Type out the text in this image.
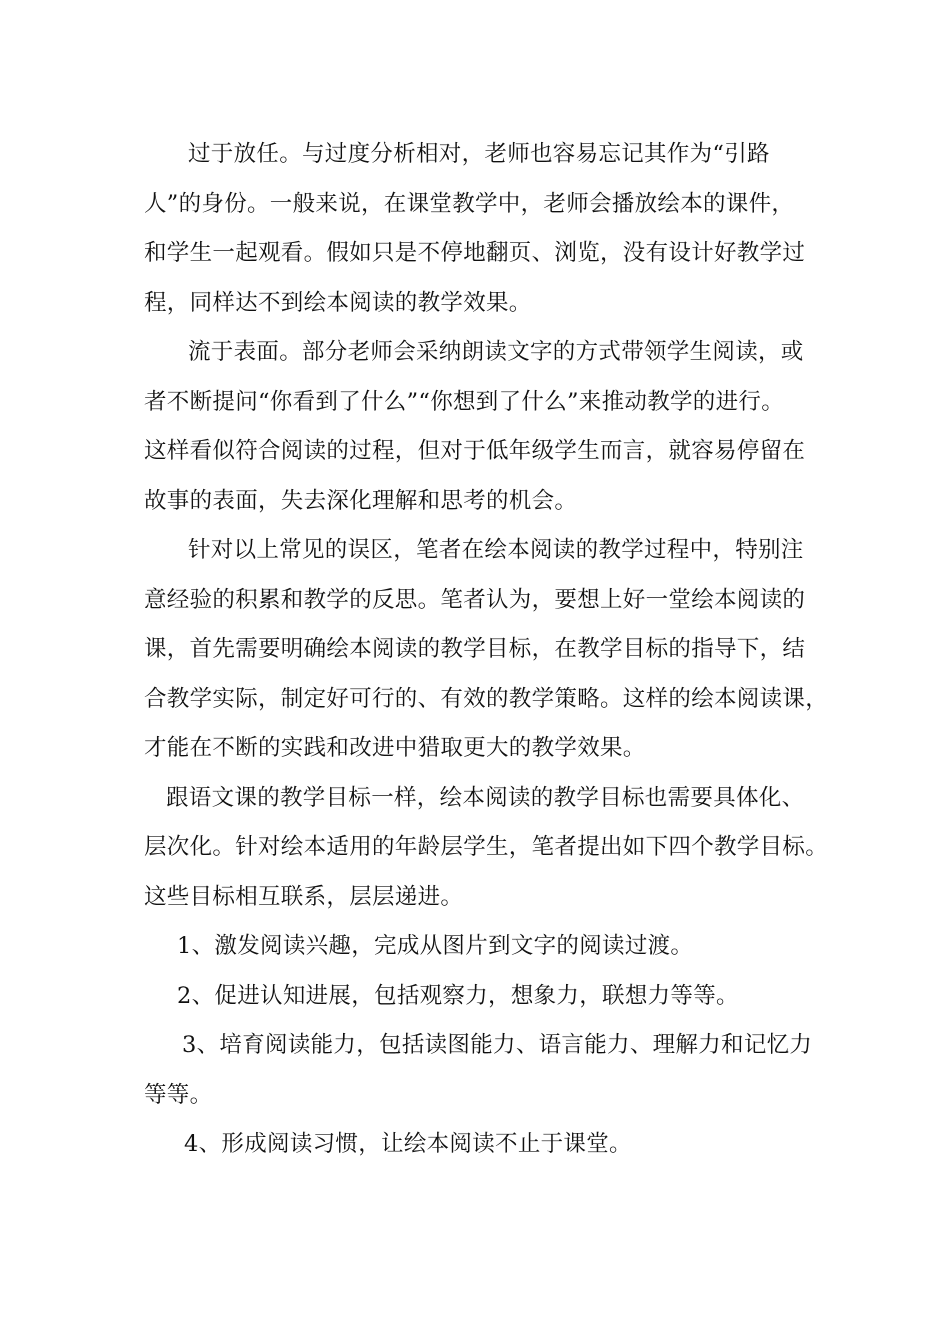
过于放任。与过度分析相对，老师也容易忘记其作为“引路
人”的身份。一般来说，在课堂教学中，老师会播放绘本的课件，
和学生一起观看。假如只是不停地翻页、浏览，没有设计好教学过
程，同样达不到绘本阅读的教学效果。
流于表面。部分老师会采纳朗读文字的方式带领学生阅读，或
者不断提问“你看到了什么”“你想到了什么”来推动教学的进行。
这样看似符合阅读的过程，但对于低年级学生而言，就容易停留在
故事的表面，失去深化理解和思考的机会。
针对以上常见的误区，笔者在绘本阅读的教学过程中，特别注
意经验的积累和教学的反思。笔者认为，要想上好一堂绘本阅读的
课，首先需要明确绘本阅读的教学目标，在教学目标的指导下，结
合教学实际，制定好可行的、有效的教学策略。这样的绘本阅读课，
才能在不断的实践和改进中猎取更大的教学效果。
跟语文课的教学目标一样，绘本阅读的教学目标也需要具体化、
层次化。针对绘本适用的年龄层学生，笔者提出如下四个教学目标。
这些目标相互联系，层层递进。
1、激发阅读兴趣，完成从图片到文字的阅读过渡。
2、促进认知进展，包括观察力，想象力，联想力等等。
3、培育阅读能力，包括读图能力、语言能力、理解力和记忆力
等等。
4、形成阅读习惯，让绘本阅读不止于课堂。
